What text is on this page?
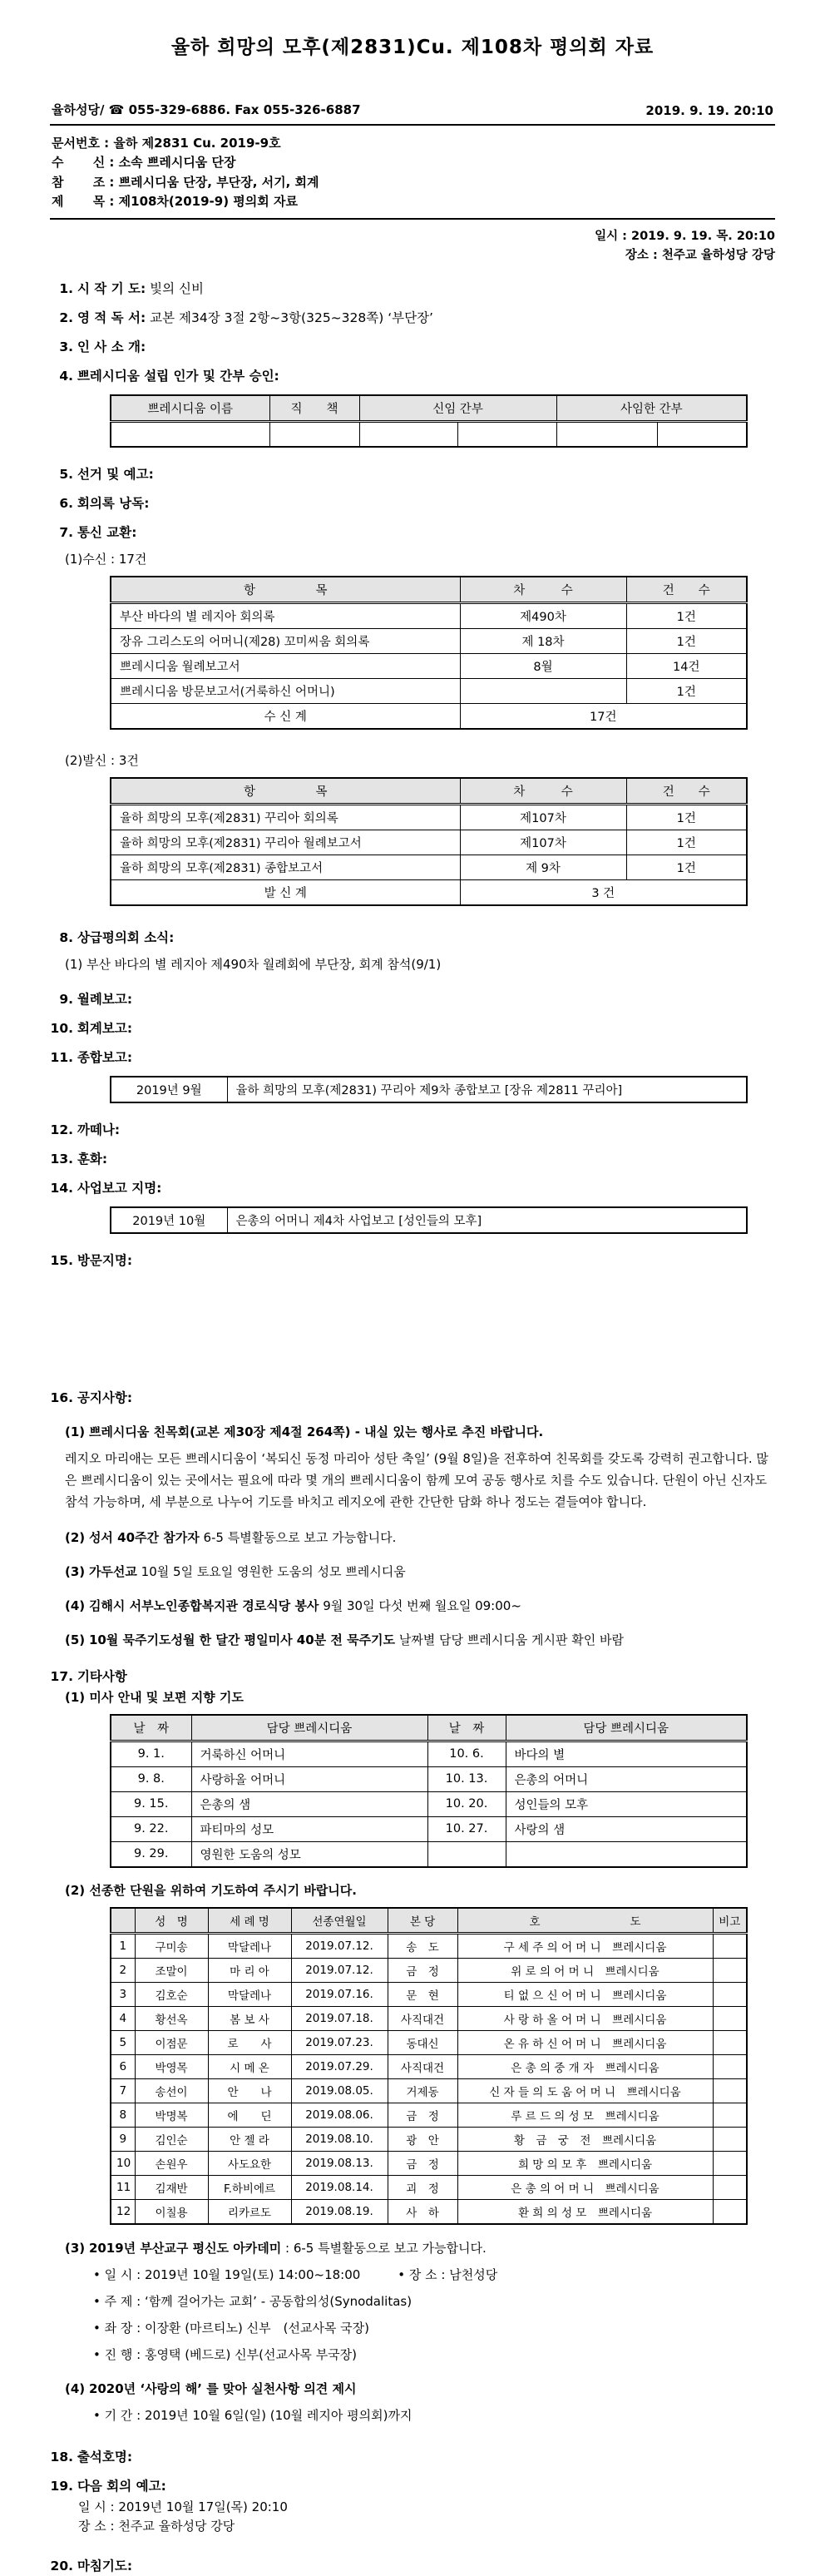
율하 희망의 모후(제2831)Cu. 제108차 평의회 자료
율하성당/ ☎ 055-329-6886. Fax 055-326-6887	2019. 9. 19. 20:10
문서번호 : 율하 제2831 Cu. 2019-9호
수　　 신 : 소속 쁘레시디움 단장
참　　 조 : 쁘레시디움 단장, 부단장, 서기, 회계
제　　 목 : 제108차(2019-9) 평의회 자료
일시 : 2019. 9. 19. 목. 20:10
장소 : 천주교 율하성당 강당
1. 시 작 기 도: 빛의 신비
2. 영 적 독 서: 교본 제34장 3절 2항~3항(325~328쪽) ‘부단장’
3. 인 사 소 개:
4. 쁘레시디움 설립 인가 및 간부 승인:
쁘레시디움 이름	직　　책	신임 간부		사임한 간부	

5. 선거 및 예고:
6. 회의록 낭독:
7. 통신 교환:
(1)수신 : 17건
항　　　　　목	차　　　수	건　　수
부산 바다의 별 레지아 회의록	제490차	1건
장유 그리스도의 어머니(제28) 꼬미씨움 회의록	제 18차	1건
쁘레시디움 월례보고서	8월	14건
쁘레시디움 방문보고서(거룩하신 어머니)		1건
수 신 계	17건	
(2)발신 : 3건
항　　　　　목	차　　　수	건　　수
율하 희망의 모후(제2831) 꾸리아 회의록	제107차	1건
율하 희망의 모후(제2831) 꾸리아 월례보고서	제107차	1건
율하 희망의 모후(제2831) 종합보고서	제 9차	1건
발 신 계	3 건	
8. 상급평의회 소식:
(1) 부산 바다의 별 레지아 제490차 월례회에 부단장, 회계 참석(9/1)
9. 월례보고:
10. 회계보고:
11. 종합보고:
2019년 9월	율하 희망의 모후(제2831) 꾸리아 제9차 종합보고 [장유 제2811 꾸리아]
12. 까떼나:
13. 훈화:
14. 사업보고 지명:
2019년 10월	은총의 어머니 제4차 사업보고 [성인들의 모후]
15. 방문지명:
16. 공지사항:
(1) 쁘레시디움 친목회(교본 제30장 제4절 264쪽) - 내실 있는 행사로 추진 바랍니다.
레지오 마리애는 모든 쁘레시디움이 ‘복되신 동정 마리아 성탄 축일’ (9월 8일)을 전후하여 친목회를 갖도록 강력히 권고합니다. 많은 쁘레시디움이 있는 곳에서는 필요에 따라 몇 개의 쁘레시디움이 함께 모여 공동 행사로 치를 수도 있습니다. 단원이 아닌 신자도 참석 가능하며, 세 부분으로 나누어 기도를 바치고 레지오에 관한 간단한 담화 하나 정도는 곁들여야 합니다.
(2) 성서 40주간 참가자 6-5 특별활동으로 보고 가능합니다.
(3) 가두선교 10월 5일 토요일 영원한 도움의 성모 쁘레시디움
(4) 김해시 서부노인종합복지관 경로식당 봉사 9월 30일 다섯 번째 월요일 09:00~
(5) 10월 묵주기도성월 한 달간 평일미사 40분 전 묵주기도 날짜별 담당 쁘레시디움 게시판 확인 바람
17. 기타사항
(1) 미사 안내 및 보편 지향 기도
날　짜	담당 쁘레시디움	날　짜	담당 쁘레시디움
9. 1.	거룩하신 어머니	10. 6.	바다의 별
9. 8.	사랑하올 어머니	10. 13.	은총의 어머니
9. 15.	은총의 샘	10. 20.	성인들의 모후
9. 22.	파티마의 성모	10. 27.	사랑의 샘
9. 29.	영원한 도움의 성모		
(2) 선종한 단원을 위하여 기도하여 주시기 바랍니다.
	성　명	세 례 명	선종연월일	본 당	호　　　　　　　　도	비고
1	구미송	막달레나	2019.07.12.	송　도	구 세 주 의 어 머 니　쁘레시디움	
2	조말이	마 리 아	2019.07.12.	금　정	위 로 의 어 머 니　쁘레시디움	
3	김호순	막달레나	2019.07.16.	문　현	티 없 으 신 어 머 니　쁘레시디움	
4	황선옥	봄 보 사	2019.07.18.	사직대건	사 랑 하 올 어 머 니　쁘레시디움	
5	이점문	로　　사	2019.07.23.	동대신	온 유 하 신 어 머 니　쁘레시디움	
6	박영목	시 메 온	2019.07.29.	사직대건	은 총 의 중 개 자　쁘레시디움	
7	송선이	안　　나	2019.08.05.	거제동	신 자 들 의 도 움 어 머 니　쁘레시디움	
8	박명복	에　　딘	2019.08.06.	금　정	루 르 드 의 성 모　쁘레시디움	
9	김인순	안 젤 라	2019.08.10.	광　안	황　금　궁　전　쁘레시디움	
10	손원우	사도요한	2019.08.13.	금　정	희 망 의 모 후　쁘레시디움	
11	김재반	F.하비에르	2019.08.14.	괴　정	은 총 의 어 머 니　쁘레시디움	
12	이칠용	리카르도	2019.08.19.	사　하	환 희 의 성 모　쁘레시디움	
(3) 2019년 부산교구 평신도 아카데미 : 6-5 특별활동으로 보고 가능합니다.
• 일 시 : 2019년 10월 19일(토) 14:00~18:00　　　• 장 소 : 남천성당
• 주 제 : ‘함께 걸어가는 교회’ - 공동합의성(Synodalitas)
• 좌 장 : 이장환 (마르티노) 신부　(선교사목 국장)
• 진 행 : 홍영택 (베드로) 신부(선교사목 부국장)
(4) 2020년 ‘사랑의 해’ 를 맞아 실천사항 의견 제시
• 기 간 : 2019년 10월 6일(일) (10월 레지아 평의회)까지
18. 출석호명:
19. 다음 회의 예고:
일 시 : 2019년 10월 17일(목) 20:10
장 소 : 천주교 율하성당 강당
20. 마침기도:
